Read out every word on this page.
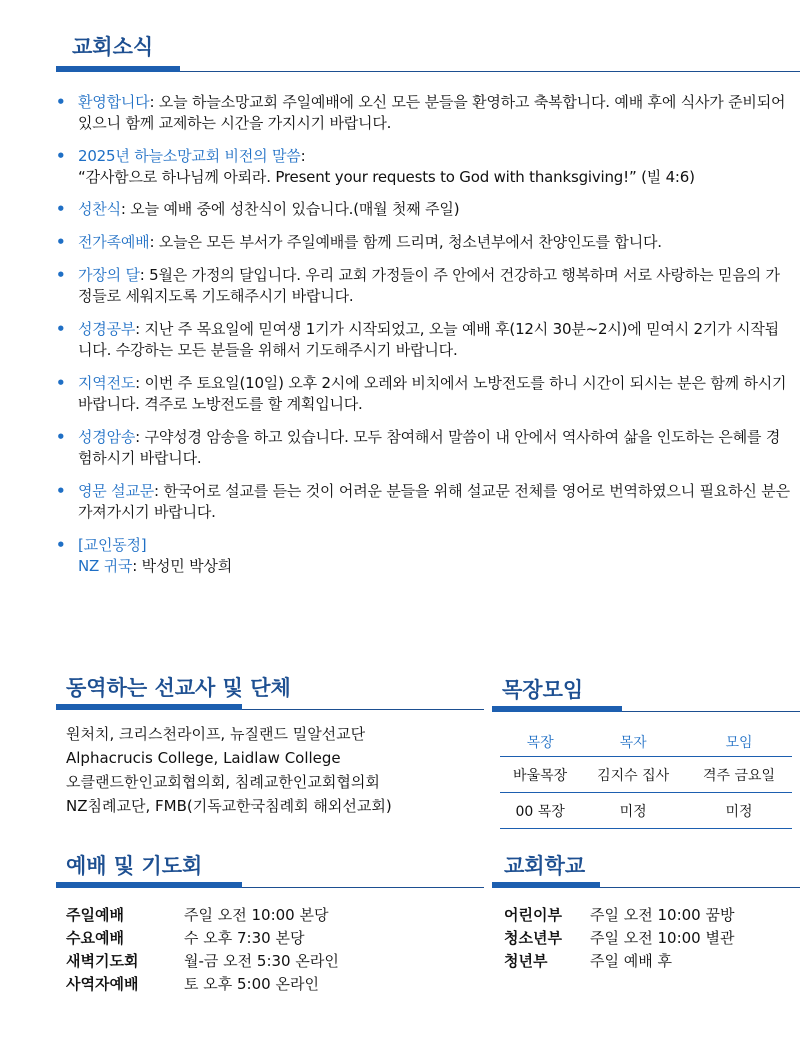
교회소식
• 환영합니다: 오늘 하늘소망교회 주일예배에 오신 모든 분들을 환영하고 축복합니다. 예배 후에 식사가 준비되어 있으니 함께 교제하는 시간을 가지시기 바랍니다.
• 2025년 하늘소망교회 비전의 말씀:
“감사함으로 하나님께 아뢰라. Present your requests to God with thanksgiving!” (빌 4:6)
• 성찬식: 오늘 예배 중에 성찬식이 있습니다.(매월 첫째 주일)
• 전가족예배: 오늘은 모든 부서가 주일예배를 함께 드리며, 청소년부에서 찬양인도를 합니다.
• 가장의 달: 5월은 가정의 달입니다. 우리 교회 가정들이 주 안에서 건강하고 행복하며 서로 사랑하는 믿음의 가정들로 세워지도록 기도해주시기 바랍니다.
• 성경공부: 지난 주 목요일에 믿여생 1기가 시작되었고, 오늘 예배 후(12시 30분~2시)에 믿여시 2기가 시작됩니다. 수강하는 모든 분들을 위해서 기도해주시기 바랍니다.
• 지역전도: 이번 주 토요일(10일) 오후 2시에 오레와 비치에서 노방전도를 하니 시간이 되시는 분은 함께 하시기 바랍니다. 격주로 노방전도를 할 계획입니다.
• 성경암송: 구약성경 암송을 하고 있습니다. 모두 참여해서 말씀이 내 안에서 역사하여 삶을 인도하는 은혜를 경험하시기 바랍니다.
• 영문 설교문: 한국어로 설교를 듣는 것이 어려운 분들을 위해 설교문 전체를 영어로 번역하였으니 필요하신 분은 가져가시기 바랍니다.
• [교인동정]
NZ 귀국: 박성민 박상희
동역하는 선교사 및 단체
원처치, 크리스천라이프, 뉴질랜드 밀알선교단
Alphacrucis College, Laidlaw College
오클랜드한인교회협의회, 침례교한인교회협의회
NZ침례교단, FMB(기독교한국침례회 해외선교회)
목장모임
목장	목자	모임
바울목장	김지수 집사	격주 금요일
00 목장	미정	미정
예배 및 기도회
주일예배	주일 오전 10:00 본당
수요예배	수 오후 7:30 본당
새벽기도회	월-금 오전 5:30 온라인
사역자예배	토 오후 5:00 온라인
교회학교
어린이부	주일 오전 10:00 꿈방
청소년부	주일 오전 10:00 별관
청년부	주일 예배 후
